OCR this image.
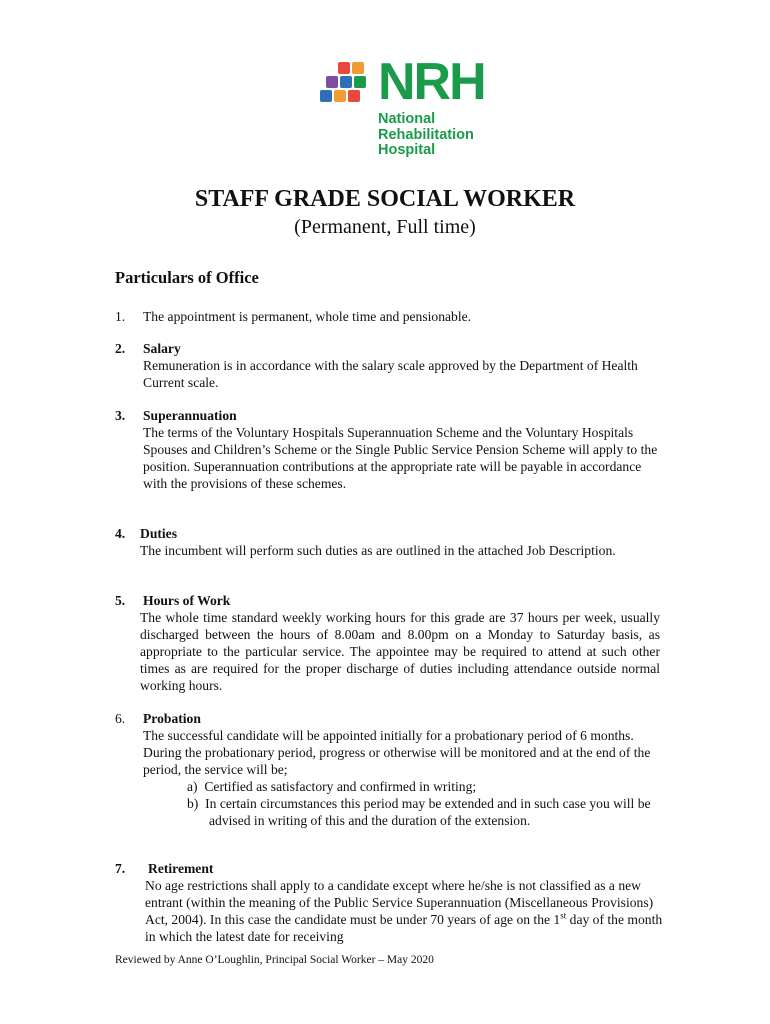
NRH
National
Rehabilitation
Hospital
STAFF GRADE SOCIAL WORKER
(Permanent, Full time)
Particulars of Office
1. The appointment is permanent, whole time and pensionable.
2. Salary
Remuneration is in accordance with the salary scale approved by the Department of Health Current scale.
3. Superannuation
The terms of the Voluntary Hospitals Superannuation Scheme and the Voluntary Hospitals Spouses and Children’s Scheme or the Single Public Service Pension Scheme will apply to the position. Superannuation contributions at the appropriate rate will be payable in accordance with the provisions of these schemes.
4. Duties
The incumbent will perform such duties as are outlined in the attached Job Description.
5. Hours of Work
The whole time standard weekly working hours for this grade are 37 hours per week, usually discharged between the hours of 8.00am and 8.00pm on a Monday to Saturday basis, as appropriate to the particular service. The appointee may be required to attend at such other times as are required for the proper discharge of duties including attendance outside normal working hours.
6. Probation
The successful candidate will be appointed initially for a probationary period of 6 months. During the probationary period, progress or otherwise will be monitored and at the end of the period, the service will be;
a)  Certified as satisfactory and confirmed in writing;
b)  In certain circumstances this period may be extended and in such case you will be advised in writing of this and the duration of the extension.
7. Retirement
No age restrictions shall apply to a candidate except where he/she is not classified as a new entrant (within the meaning of the Public Service Superannuation (Miscellaneous Provisions) Act, 2004). In this case the candidate must be under 70 years of age on the 1st day of the month in which the latest date for receiving
Reviewed by Anne O’Loughlin, Principal Social Worker – May 2020
